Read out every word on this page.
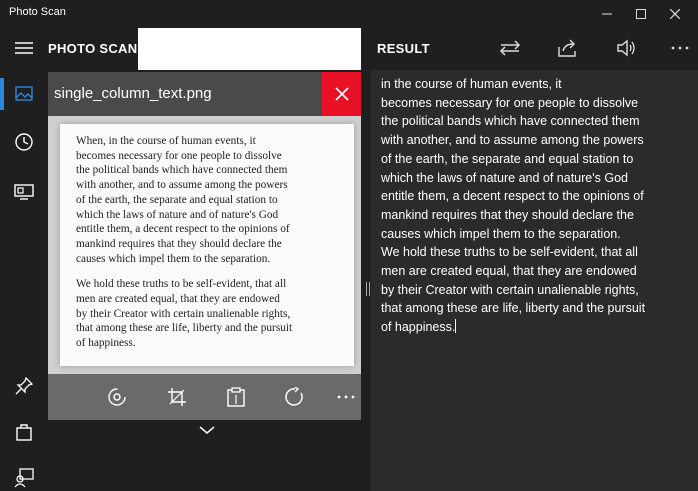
Photo Scan
PHOTO SCAN
single_column_text.png

When, in the course of human events, it
becomes necessary for one people to dissolve
the political bands which have connected them
with another, and to assume among the powers
of the earth, the separate and equal station to
which the laws of nature and of nature's God
entitle them, a decent respect to the opinions of
mankind requires that they should declare the
causes which impel them to the separation.

We hold these truths to be self-evident, that all
men are created equal, that they are endowed
by their Creator with certain unalienable rights,
that among these are life, liberty and the pursuit
of happiness.

RESULT
in the course of human events, it
becomes necessary for one people to dissolve
the political bands which have connected them
with another, and to assume among the powers
of the earth, the separate and equal station to
which the laws of nature and of nature's God
entitle them, a decent respect to the opinions of
mankind requires that they should declare the
causes which impel them to the separation.
We hold these truths to be self-evident, that all
men are created equal, that they are endowed
by their Creator with certain unalienable rights,
that among these are life, liberty and the pursuit
of happiness.
